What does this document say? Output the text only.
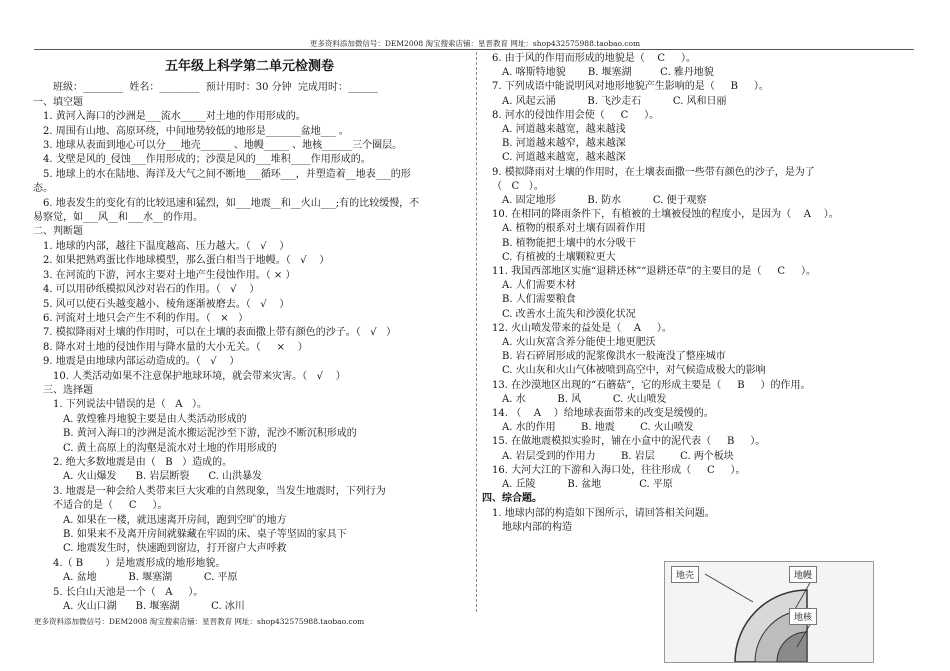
更多资料添加微信号：DEM2008 淘宝搜索店铺：星晋教育 网址：shop432575988.taobao.com
五年级上科学第二单元检测卷
班级：________  姓名：________  预计用时：30 分钟  完成用时：______
一、填空题
1. 黄河入海口的沙洲是___流水_____对土地的作用形成的。
2. 周围有山地、高原环绕，中间地势较低的地形是_______盆地___ 。
3. 地球从表面到地心可以分___地壳______ 、地幔_____ 、地核______三个圈层。
4. 戈壁是风的_侵蚀___作用形成的；沙漠是风的___堆积____作用形成的。
5. 地球上的水在陆地、海洋及大气之间不断地___循环___，并塑造着__地表___的形
态。
6. 地表发生的变化有的比较迅速和猛烈，如___地震__和__火山___;有的比较缓慢，不
易察觉，如___风__和___水__的作用。
二、判断题
1. 地球的内部，越往下温度越高、压力越大。（   √    ）
2. 如果把熟鸡蛋比作地球模型，那么蛋白相当于地幔。（   √    ）
3. 在河流的下游，河水主要对土地产生侵蚀作用。（ × ）
4. 可以用砂纸模拟风沙对岩石的作用。（   √    ）
5. 风可以使石头越变越小、棱角逐渐被磨去。（   √    ）
6. 河流对土地只会产生不利的作用。（   ×   ）
7. 模拟降雨对土壤的作用时，可以在土壤的表面撒上带有颜色的沙子。（   √   ）
8. 降水对土地的侵蚀作用与降水量的大小无关。（     ×    ）
9. 地震是由地球内部运动造成的。（   √    ）
10. 人类活动如果不注意保护地球环境，就会带来灾害。（   √    ）
三、选择题
1. 下列说法中错误的是（   A   ）。
A. 敦煌雅丹地貌主要是由人类活动形成的
B. 黄河入海口的沙洲是流水搬运泥沙至下游，泥沙不断沉积形成的
C. 黄土高原上的沟壑是流水对土地的作用形成的
2. 绝大多数地震是由（   B   ）造成的。
A. 火山爆发      B. 岩层断裂      C. 山洪暴发
3. 地震是一种会给人类带来巨大灾难的自然现象，当发生地震时，下列行为
不适合的是（     C     ）。
A. 如果在一楼，就迅速离开房间，跑到空旷的地方
B. 如果来不及离开房间就躲藏在牢固的床、桌子等坚固的家具下
C. 地震发生时，快速跑到窗边，打开窗户大声呼救
4.（ B       ）是地震形成的地形地貌。
A. 盆地          B. 堰塞湖          C. 平原
5. 长白山天池是一个（   A     ）。
A. 火山口湖      B. 堰塞湖          C. 冰川
6. 由于风的作用而形成的地貌是（    C     ）。
A. 喀斯特地貌       B. 堰塞湖         C. 雅丹地貌
7. 下列成语中能说明风对地形地貌产生影响的是（     B     ）。
A. 风起云涌          B. 飞沙走石          C. 风和日丽
8. 河水的侵蚀作用会使（     C     ）。
A. 河道越来越宽，越来越浅
B. 河道越来越窄，越来越深
C. 河道越来越宽，越来越深
9. 模拟降雨对土壤的作用时，在土壤表面撒一些带有颜色的沙子，是为了
（   C   ）。
A. 固定地形          B. 防水          C. 便于观察
10. 在相同的降雨条件下，有植被的土壤被侵蚀的程度小，是因为（    A    ）。
A. 植物的根系对土壤有固着作用
B. 植物能把土壤中的水分吸干
C. 有植被的土壤颗粒更大
11. 我国西部地区实施“退耕还林”“退耕还草”的主要目的是（     C     ）。
A. 人们需要木材
B. 人们需要粮食
C. 改善水土流失和沙漠化状况
12. 火山喷发带来的益处是（    A     ）。
A. 火山灰富含养分能使土地更肥沃
B. 岩石碎屑形成的泥浆像洪水一般淹没了整座城市
C. 火山灰和火山气体被喷到高空中，对气候造成极大的影响
13. 在沙漠地区出现的“石蘑菇”，它的形成主要是（     B     ）的作用。
A. 水          B. 风          C. 火山喷发
14. （    A    ）给地球表面带来的改变是缓慢的。
A. 水的作用        B. 地震        C. 火山喷发
15. 在做地震模拟实验时，铺在小盒中的泥代表（     B     ）。
A. 岩层受到的作用力        B. 岩层        C. 两个板块
16. 大河大江的下游和入海口处，往往形成（     C     ）。
A. 丘陵          B. 盆地            C. 平原
四、综合题。
1. 地球内部的构造如下图所示，请回答相关问题。
地球内部的构造
地壳	地幔
地核
更多资料添加微信号：DEM2008 淘宝搜索店铺：星晋教育 网址：shop432575988.taobao.com
